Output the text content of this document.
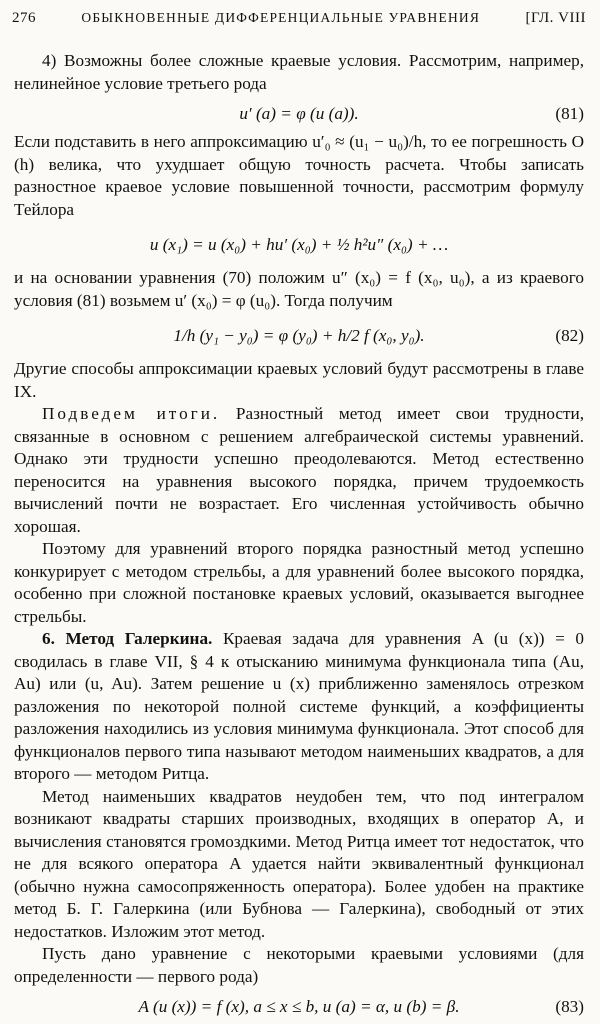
276	ОБЫКНОВЕННЫЕ ДИФФЕРЕНЦИАЛЬНЫЕ УРАВНЕНИЯ	[ГЛ. VIII

4) Возможны более сложные краевые условия. Рассмотрим, например, нелинейное условие третьего рода

u′ (a) = φ (u (a)).	(81)

Если подставить в него аппроксимацию u′₀ ≈ (u₁ − u₀)/h, то ее погрешность O (h) велика, что ухудшает общую точность расчета. Чтобы записать разностное краевое условие повышенной точности, рассмотрим формулу Тейлора

u (x₁) = u (x₀) + hu′ (x₀) + ½ h²u″ (x₀) + …

и на основании уравнения (70) положим u″ (x₀) = f (x₀, u₀), а из краевого условия (81) возьмем u′ (x₀) = φ (u₀). Тогда получим

1/h (y₁ − y₀) = φ (y₀) + h/2 f (x₀, y₀).	(82)

Другие способы аппроксимации краевых условий будут рассмотрены в главе IX.

Подведем итоги. Разностный метод имеет свои трудности, связанные в основном с решением алгебраической системы уравнений. Однако эти трудности успешно преодолеваются. Метод естественно переносится на уравнения высокого порядка, причем трудоемкость вычислений почти не возрастает. Его численная устойчивость обычно хорошая.

Поэтому для уравнений второго порядка разностный метод успешно конкурирует с методом стрельбы, а для уравнений более высокого порядка, особенно при сложной постановке краевых условий, оказывается выгоднее стрельбы.

6. Метод Галеркина. Краевая задача для уравнения A (u (x)) = 0 сводилась в главе VII, § 4 к отысканию минимума функционала типа (Au, Au) или (u, Au). Затем решение u (x) приближенно заменялось отрезком разложения по некоторой полной системе функций, а коэффициенты разложения находились из условия минимума функционала. Этот способ для функционалов первого типа называют методом наименьших квадратов, а для второго — методом Ритца.

Метод наименьших квадратов неудобен тем, что под интегралом возникают квадраты старших производных, входящих в оператор A, и вычисления становятся громоздкими. Метод Ритца имеет тот недостаток, что не для всякого оператора A удается найти эквивалентный функционал (обычно нужна самосопряженность оператора). Более удобен на практике метод Б. Г. Галеркина (или Бубнова — Галеркина), свободный от этих недостатков. Изложим этот метод.

Пусть дано уравнение с некоторыми краевыми условиями (для определенности — первого рода)

A (u (x)) = f (x), a ≤ x ≤ b, u (a) = α, u (b) = β.	(83)
